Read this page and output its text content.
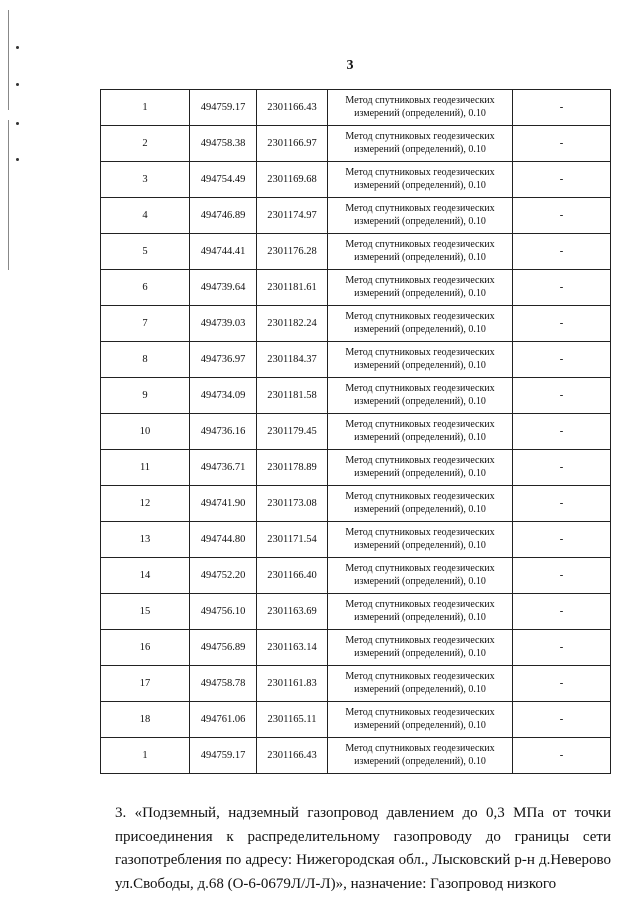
3
1	494759.17	2301166.43	Метод спутниковых геодезических
измерений (определений), 0.10	-
2	494758.38	2301166.97	Метод спутниковых геодезических
измерений (определений), 0.10	-
3	494754.49	2301169.68	Метод спутниковых геодезических
измерений (определений), 0.10	-
4	494746.89	2301174.97	Метод спутниковых геодезических
измерений (определений), 0.10	-
5	494744.41	2301176.28	Метод спутниковых геодезических
измерений (определений), 0.10	-
6	494739.64	2301181.61	Метод спутниковых геодезических
измерений (определений), 0.10	-
7	494739.03	2301182.24	Метод спутниковых геодезических
измерений (определений), 0.10	-
8	494736.97	2301184.37	Метод спутниковых геодезических
измерений (определений), 0.10	-
9	494734.09	2301181.58	Метод спутниковых геодезических
измерений (определений), 0.10	-
10	494736.16	2301179.45	Метод спутниковых геодезических
измерений (определений), 0.10	-
11	494736.71	2301178.89	Метод спутниковых геодезических
измерений (определений), 0.10	-
12	494741.90	2301173.08	Метод спутниковых геодезических
измерений (определений), 0.10	-
13	494744.80	2301171.54	Метод спутниковых геодезических
измерений (определений), 0.10	-
14	494752.20	2301166.40	Метод спутниковых геодезических
измерений (определений), 0.10	-
15	494756.10	2301163.69	Метод спутниковых геодезических
измерений (определений), 0.10	-
16	494756.89	2301163.14	Метод спутниковых геодезических
измерений (определений), 0.10	-
17	494758.78	2301161.83	Метод спутниковых геодезических
измерений (определений), 0.10	-
18	494761.06	2301165.11	Метод спутниковых геодезических
измерений (определений), 0.10	-
1	494759.17	2301166.43	Метод спутниковых геодезических
измерений (определений), 0.10	-
3. «Подземный, надземный газопровод давлением до 0,3 МПа от точки присоединения к распределительному газопроводу до границы сети газопотребления по адресу: Нижегородская обл., Лысковский р-н д.Неверово ул.Свободы, д.68 (О-6-0679Л/Л-Л)», назначение: Газопровод низкого
